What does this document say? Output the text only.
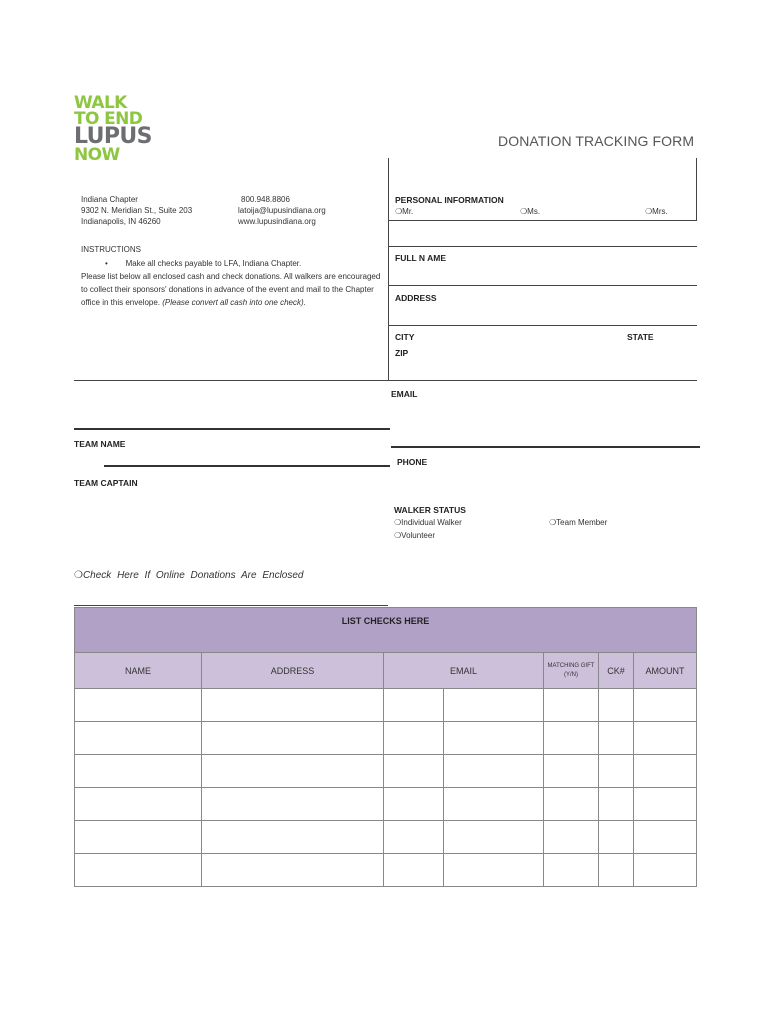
WALK
TO END
LUPUS
NOW
DONATION TRACKING FORM
Indiana Chapter
9302 N. Meridian St., Suite 203
Indianapolis, IN 46260
800.948.8806
latoija@lupusindiana.org
www.lupusindiana.org
INSTRUCTIONS
•        Make all checks payable to LFA, Indiana Chapter.
Please list below all enclosed cash and check donations. All walkers are encouraged to collect their sponsors' donations in advance of the event and mail to the Chapter office in this envelope. (Please convert all cash into one check).
PERSONAL INFORMATION
❍Mr.	❍Ms.	❍Mrs.
FULL N AME
ADDRESS
CITY	STATE
ZIP
EMAIL
TEAM NAME
PHONE
TEAM CAPTAIN
WALKER STATUS
❍Individual Walker	❍Team Member
❍Volunteer
❍Check Here If Online Donations Are Enclosed
LIST CHECKS HERE						
NAME	ADDRESS	EMAIL		MATCHING GIFT (Y/N)	CK#	AMOUNT
